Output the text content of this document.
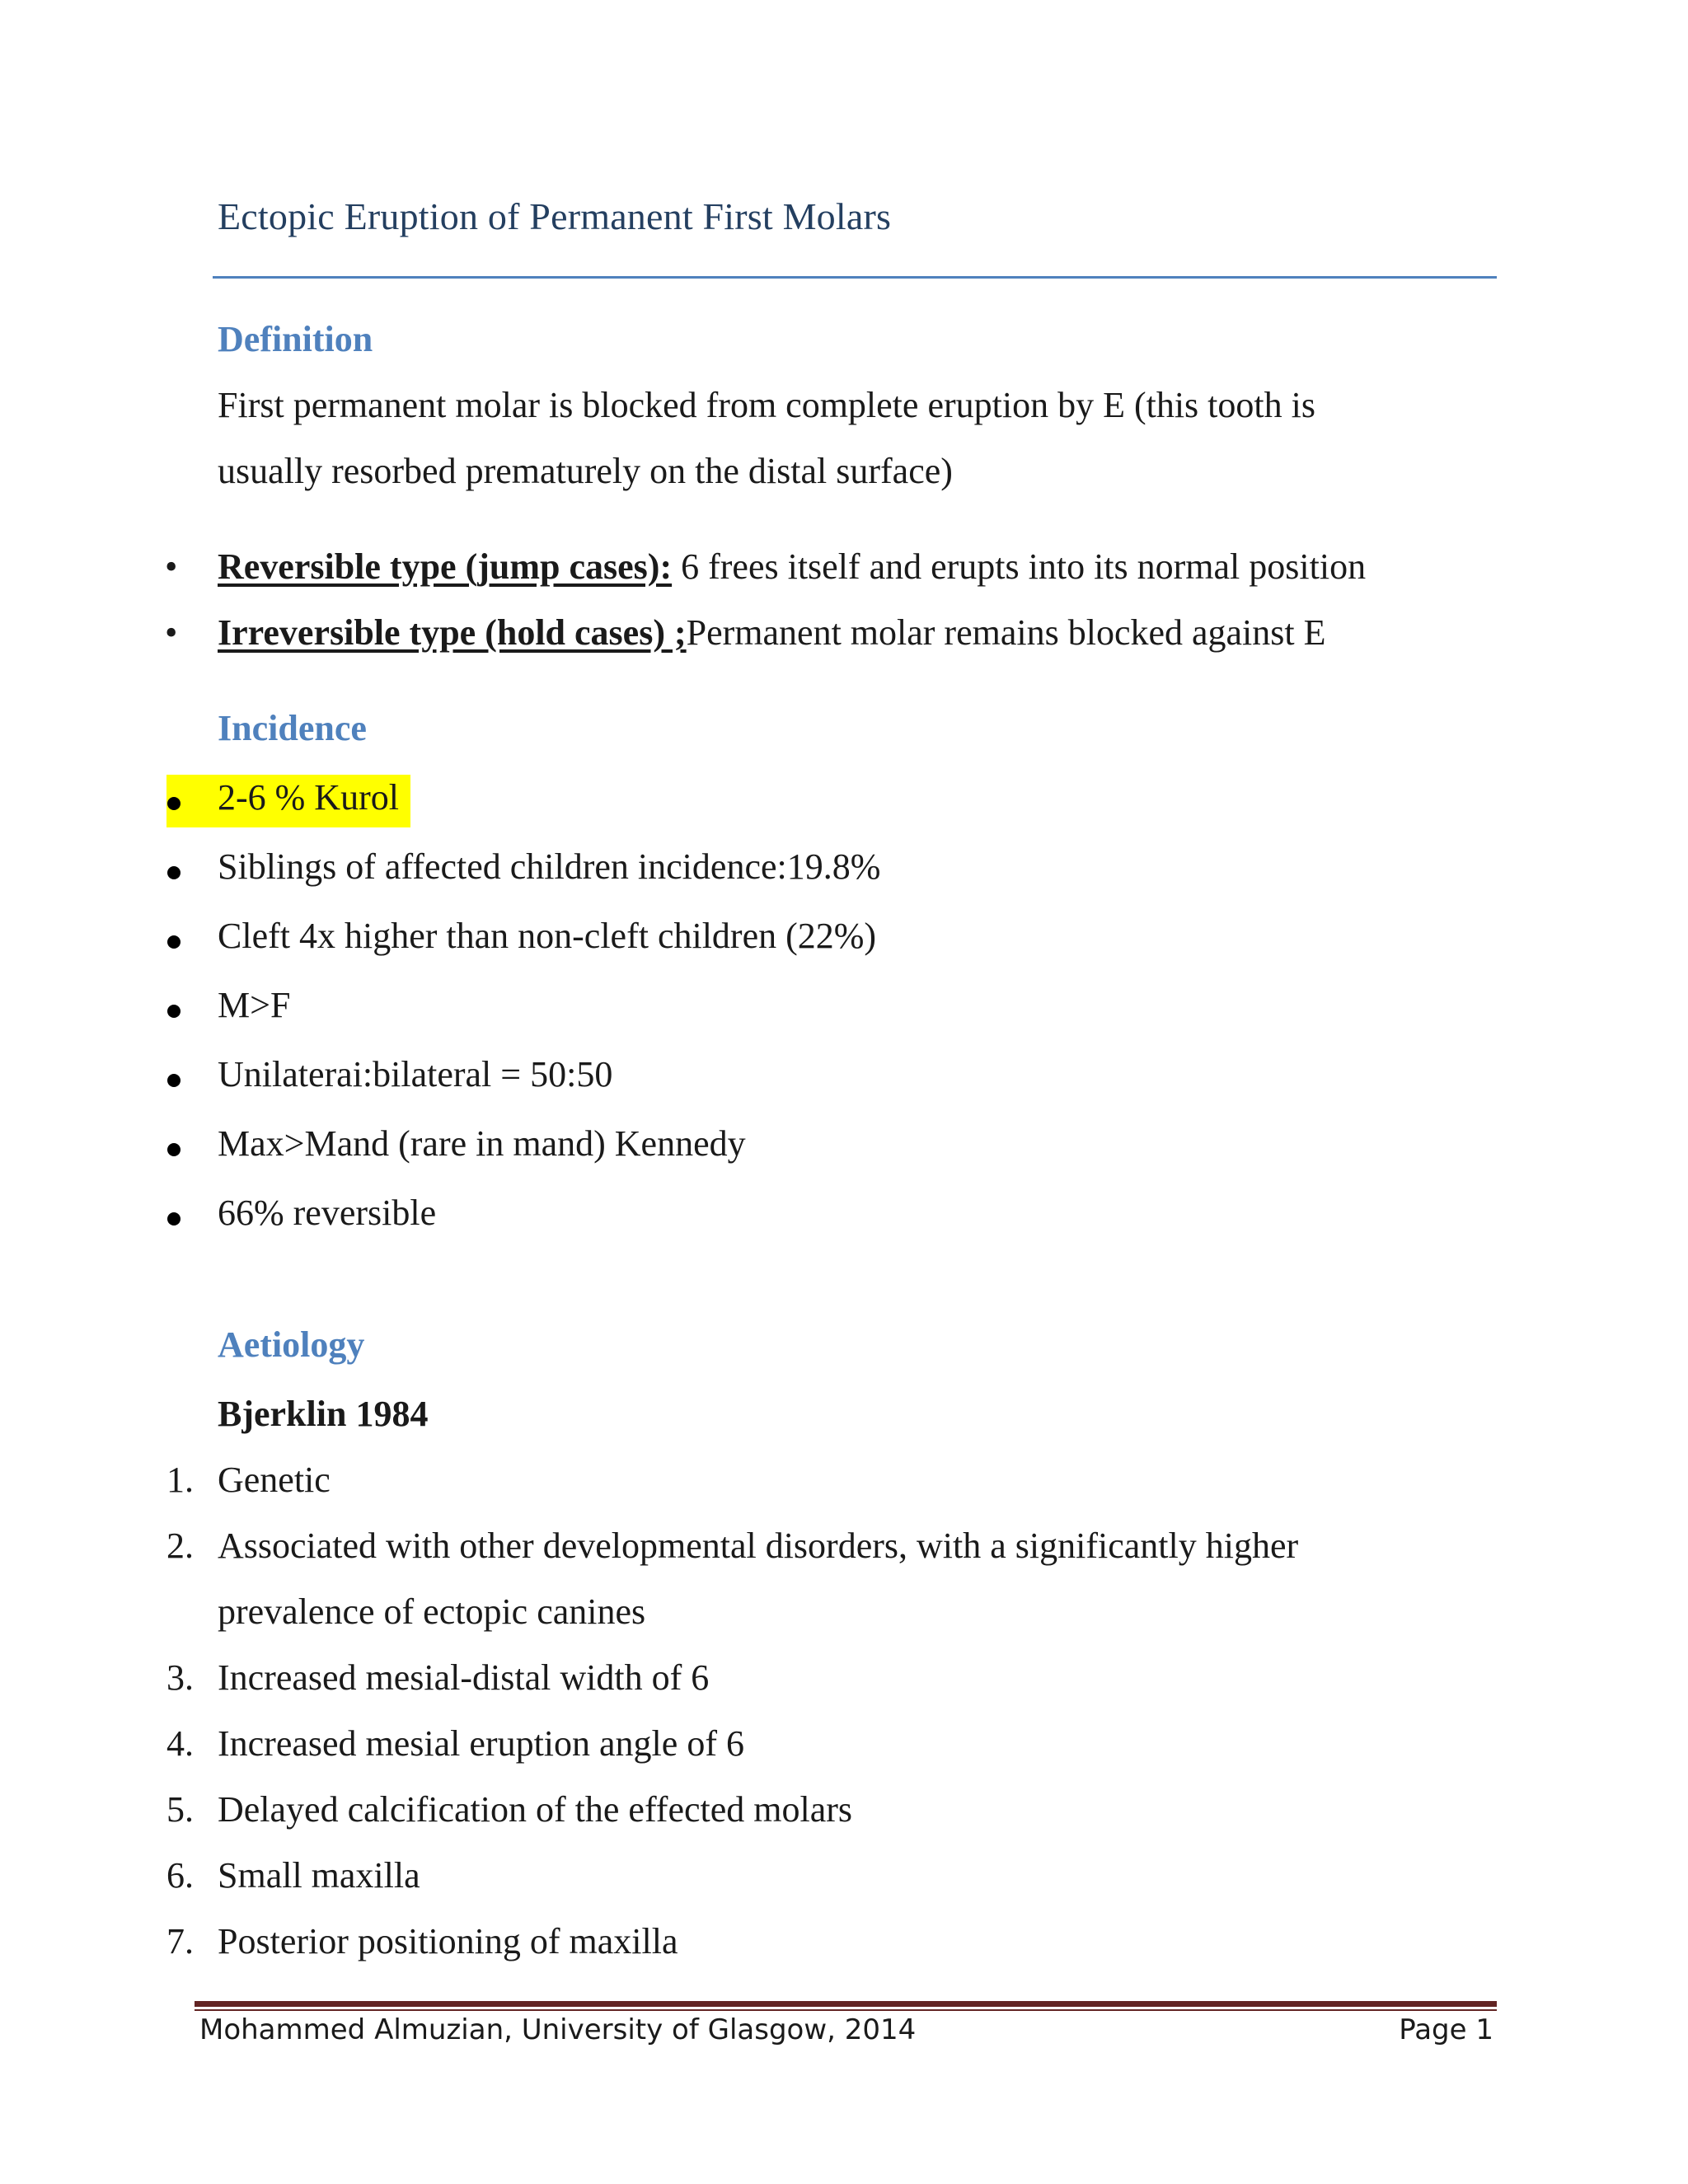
Ectopic Eruption of Permanent First Molars
Definition
First permanent molar is blocked from complete eruption by E (this tooth is
usually resorbed prematurely on the distal surface)
•	Reversible type (jump cases): 6 frees itself and erupts into its normal position
•	Irreversible type (hold cases) ;Permanent molar remains blocked against E
Incidence
2-6 % Kurol
Siblings of affected children incidence:19.8%
Cleft 4x higher than non-cleft children (22%)
M>F
Unilaterai:bilateral = 50:50
Max>Mand (rare in mand) Kennedy
66% reversible
Aetiology
Bjerklin 1984
1. Genetic
2. Associated with other developmental disorders, with a significantly higher
prevalence of ectopic canines
3. Increased mesial-distal width of 6
4. Increased mesial eruption angle of 6
5. Delayed calcification of the effected molars
6. Small maxilla
7. Posterior positioning of maxilla
Mohammed Almuzian, University of Glasgow, 2014	Page 1
